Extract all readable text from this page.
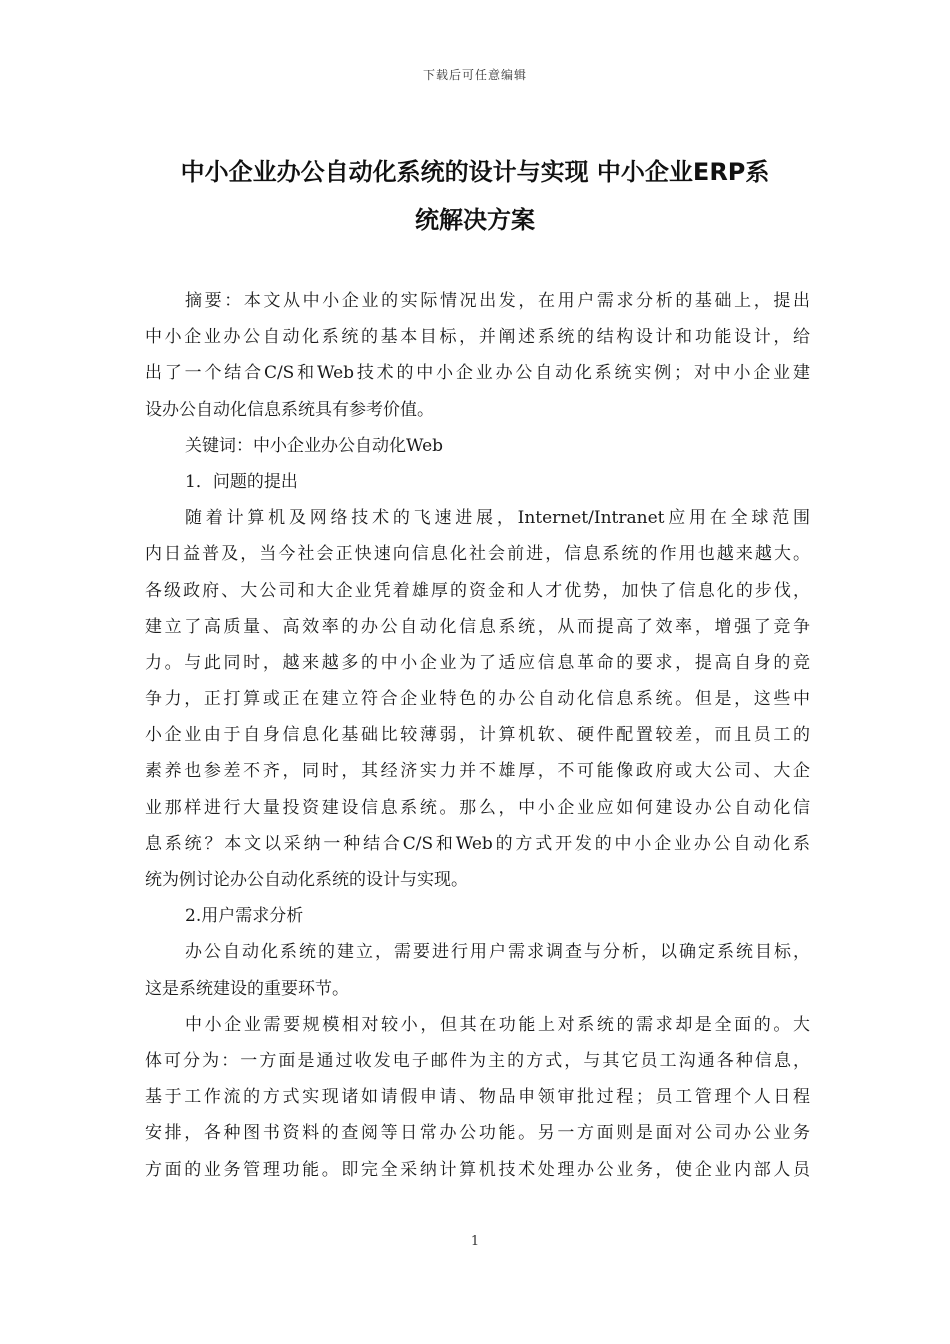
下载后可任意编辑
中小企业办公自动化系统的设计与实现 中小企业ERP系
统解决方案
摘要：本文从中小企业的实际情况出发，在用户需求分析的基础上，提出
中小企业办公自动化系统的基本目标，并阐述系统的结构设计和功能设计，给
出了一个结合C/S和Web技术的中小企业办公自动化系统实例；对中小企业建
设办公自动化信息系统具有参考价值。
关键词：中小企业办公自动化Web
1．问题的提出
随着计算机及网络技术的飞速进展，Internet/Intranet应用在全球范围
内日益普及，当今社会正快速向信息化社会前进，信息系统的作用也越来越大。
各级政府、大公司和大企业凭着雄厚的资金和人才优势，加快了信息化的步伐，
建立了高质量、高效率的办公自动化信息系统，从而提高了效率，增强了竞争
力。与此同时，越来越多的中小企业为了适应信息革命的要求，提高自身的竞
争力，正打算或正在建立符合企业特色的办公自动化信息系统。但是，这些中
小企业由于自身信息化基础比较薄弱，计算机软、硬件配置较差，而且员工的
素养也参差不齐，同时，其经济实力并不雄厚，不可能像政府或大公司、大企
业那样进行大量投资建设信息系统。那么，中小企业应如何建设办公自动化信
息系统？本文以采纳一种结合C/S和Web的方式开发的中小企业办公自动化系
统为例讨论办公自动化系统的设计与实现。
2.用户需求分析
办公自动化系统的建立，需要进行用户需求调查与分析，以确定系统目标，
这是系统建设的重要环节。
中小企业需要规模相对较小，但其在功能上对系统的需求却是全面的。大
体可分为：一方面是通过收发电子邮件为主的方式，与其它员工沟通各种信息，
基于工作流的方式实现诸如请假申请、物品申领审批过程；员工管理个人日程
安排，各种图书资料的查阅等日常办公功能。另一方面则是面对公司办公业务
方面的业务管理功能。即完全采纳计算机技术处理办公业务，使企业内部人员
1
